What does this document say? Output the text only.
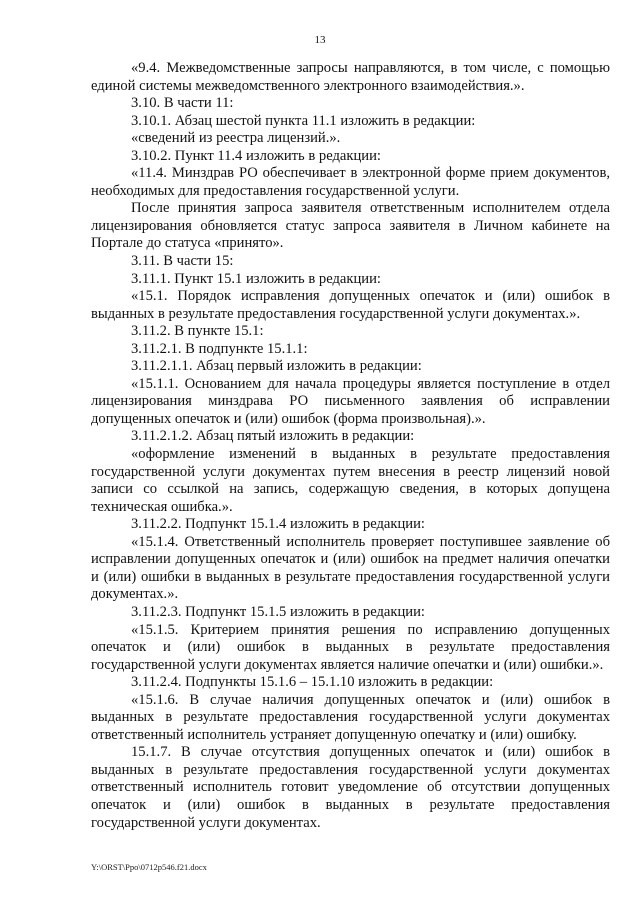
13

«9.4. Межведомственные запросы направляются, в том числе, с помощью единой системы межведомственного электронного взаимодействия.».

3.10. В части 11:

3.10.1. Абзац шестой пункта 11.1 изложить в редакции:

«сведений из реестра лицензий.».

3.10.2. Пункт 11.4 изложить в редакции:

«11.4. Минздрав РО обеспечивает в электронной форме прием документов, необходимых для предоставления государственной услуги.

После принятия запроса заявителя ответственным исполнителем отдела лицензирования обновляется статус запроса заявителя в Личном кабинете на Портале до статуса «принято».

3.11. В части 15:

3.11.1. Пункт 15.1 изложить в редакции:

«15.1. Порядок исправления допущенных опечаток и (или) ошибок в выданных в результате предоставления государственной услуги документах.».

3.11.2. В пункте 15.1:

3.11.2.1. В подпункте 15.1.1:

3.11.2.1.1. Абзац первый изложить в редакции:

«15.1.1. Основанием для начала процедуры является поступление в отдел лицензирования минздрава РО письменного заявления об исправлении допущенных опечаток и (или) ошибок (форма произвольная).».

3.11.2.1.2. Абзац пятый изложить в редакции:

«оформление изменений в выданных в результате предоставления государственной услуги документах путем внесения в реестр лицензий новой записи со ссылкой на запись, содержащую сведения, в которых допущена техническая ошибка.».

3.11.2.2. Подпункт 15.1.4 изложить в редакции:

«15.1.4. Ответственный исполнитель проверяет поступившее заявление об исправлении допущенных опечаток и (или) ошибок на предмет наличия опечатки и (или) ошибки в выданных в результате предоставления государственной услуги документах.».

3.11.2.3. Подпункт 15.1.5 изложить в редакции:

«15.1.5. Критерием принятия решения по исправлению допущенных опечаток и (или) ошибок в выданных в результате предоставления государственной услуги документах является наличие опечатки и (или) ошибки.».

3.11.2.4. Подпункты 15.1.6 – 15.1.10 изложить в редакции:

«15.1.6. В случае наличия допущенных опечаток и (или) ошибок в выданных в результате предоставления государственной услуги документах ответственный исполнитель устраняет допущенную опечатку и (или) ошибку.

15.1.7. В случае отсутствия допущенных опечаток и (или) ошибок в выданных в результате предоставления государственной услуги документах ответственный исполнитель готовит уведомление об отсутствии допущенных опечаток и (или) ошибок в выданных в результате предоставления государственной услуги документах.

Y:\ORST\Ppo\0712p546.f21.docx
